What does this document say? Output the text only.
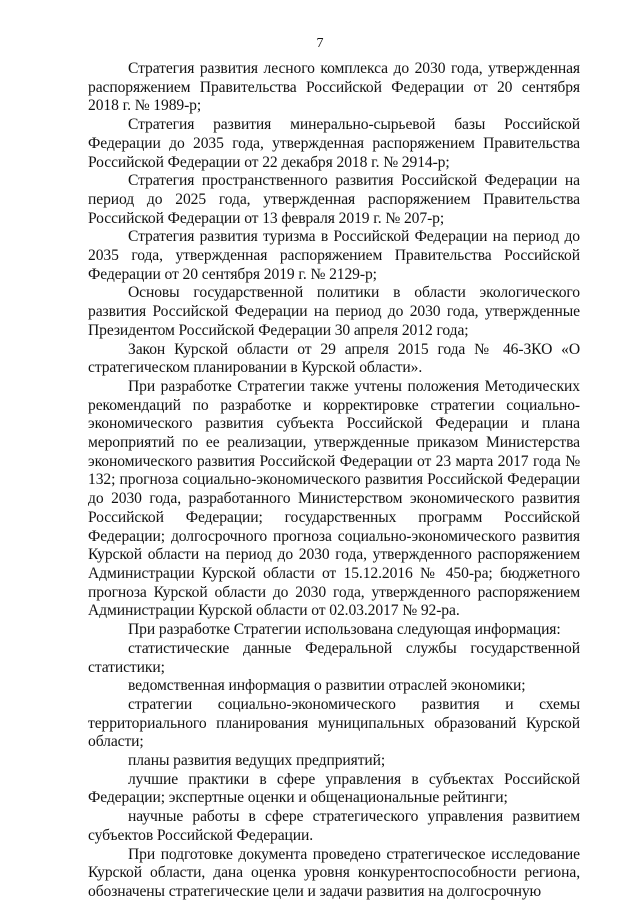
7

Стратегия развития лесного комплекса до 2030 года, утвержденная распоряжением Правительства Российской Федерации от 20 сентября 2018 г. № 1989-р;

Стратегия развития минерально-сырьевой базы Российской Федерации до 2035 года, утвержденная распоряжением Правительства Российской Федерации от 22 декабря 2018 г. № 2914-р;

Стратегия пространственного развития Российской Федерации на период до 2025 года, утвержденная распоряжением Правительства Российской Федерации от 13 февраля 2019 г. № 207-р;

Стратегия развития туризма в Российской Федерации на период до 2035 года, утвержденная распоряжением Правительства Российской Федерации от 20 сентября 2019 г. № 2129-р;

Основы государственной политики в области экологического развития Российской Федерации на период до 2030 года, утвержденные Президентом Российской Федерации 30 апреля 2012 года;

Закон Курской области от 29 апреля 2015 года № 46-ЗКО «О стратегическом планировании в Курской области».

При разработке Стратегии также учтены положения Методических рекомендаций по разработке и корректировке стратегии социально-экономического развития субъекта Российской Федерации и плана мероприятий по ее реализации, утвержденные приказом Министерства экономического развития Российской Федерации от 23 марта 2017 года № 132; прогноза социально-экономического развития Российской Федерации до 2030 года, разработанного Министерством экономического развития Российской Федерации; государственных программ Российской Федерации; долгосрочного прогноза социально-экономического развития Курской области на период до 2030 года, утвержденного распоряжением Администрации Курской области от 15.12.2016 № 450-ра; бюджетного прогноза Курской области до 2030 года, утвержденного распоряжением Администрации Курской области от 02.03.2017 № 92-ра.

При разработке Стратегии использована следующая информация:

статистические данные Федеральной службы государственной статистики;

ведомственная информация о развитии отраслей экономики;

стратегии социально-экономического развития и схемы территориального планирования муниципальных образований Курской области;

планы развития ведущих предприятий;

лучшие практики в сфере управления в субъектах Российской Федерации; экспертные оценки и общенациональные рейтинги;

научные работы в сфере стратегического управления развитием субъектов Российской Федерации.

При подготовке документа проведено стратегическое исследование Курской области, дана оценка уровня конкурентоспособности региона, обозначены стратегические цели и задачи развития на долгосрочную
